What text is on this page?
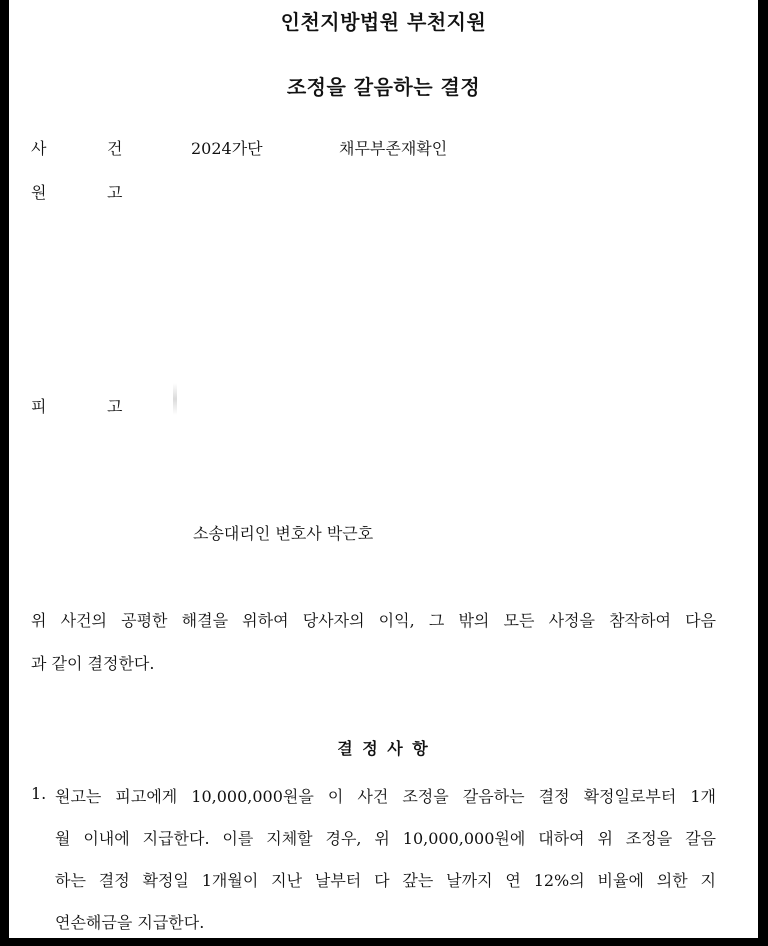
인천지방법원 부천지원
조정을 갈음하는 결정
사	건	2024가단	채무부존재확인
원	고
피	고
소송대리인 변호사 박근호
위 사건의 공평한 해결을 위하여 당사자의 이익, 그 밖의 모든 사정을 참작하여 다음
과 같이 결정한다.
결 정 사 항
1. 원고는 피고에게 10,000,000원을 이 사건 조정을 갈음하는 결정 확정일로부터 1개
월 이내에 지급한다. 이를 지체할 경우, 위 10,000,000원에 대하여 위 조정을 갈음
하는 결정 확정일 1개월이 지난 날부터 다 갚는 날까지 연 12%의 비율에 의한 지
연손해금을 지급한다.
